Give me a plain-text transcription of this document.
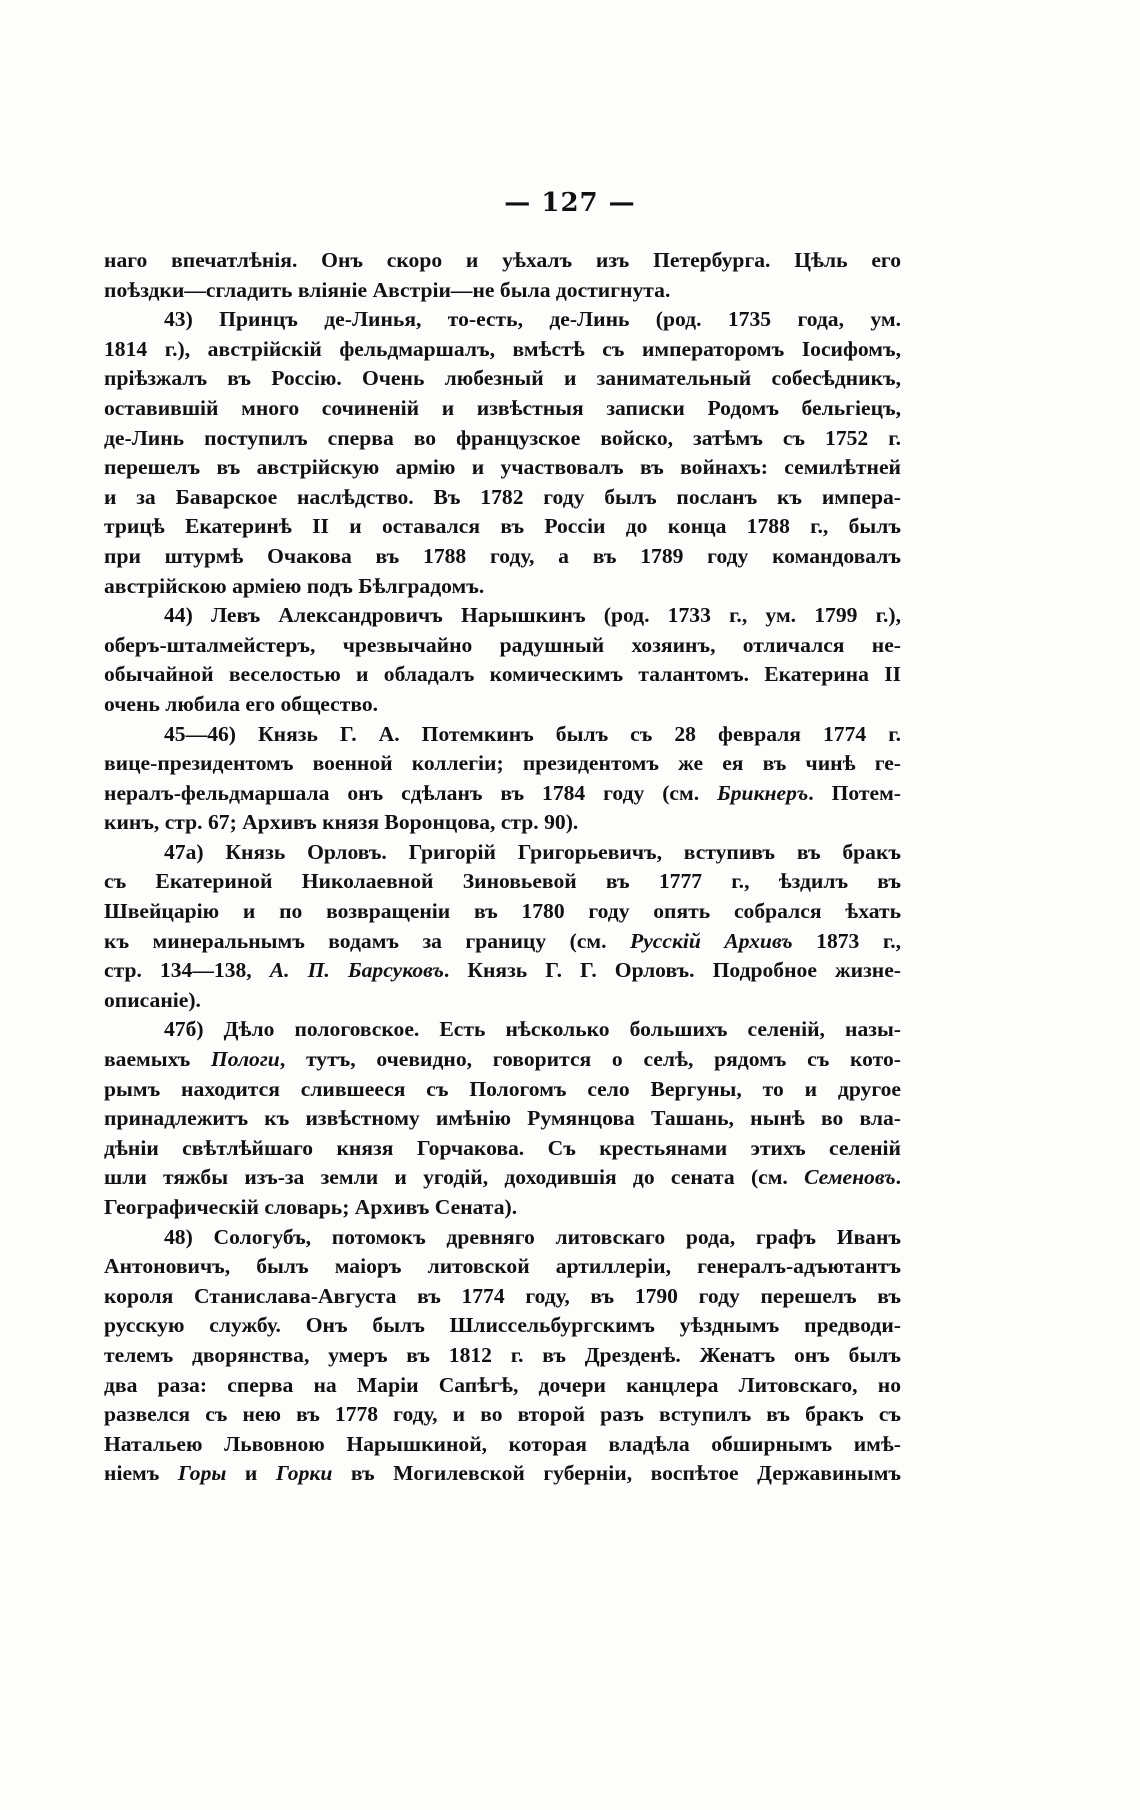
— 127 —
наго впечатлѣнія. Онъ скоро и уѣхалъ изъ Петербурга. Цѣль его
поѣздки—сгладить вліяніе Австріи—не была достигнута.
43) Принцъ де-Линья, то-есть, де-Линь (род. 1735 года, ум.
1814 г.), австрійскій фельдмаршалъ, вмѣстѣ съ императоромъ Іосифомъ,
пріѣзжалъ въ Россію. Очень любезный и занимательный собесѣдникъ,
оставившій много сочиненій и извѣстныя записки Родомъ бельгіецъ,
де-Линь поступилъ сперва во французское войско, затѣмъ съ 1752 г.
перешелъ въ австрійскую армію и участвовалъ въ войнахъ: семилѣтней
и за Баварское наслѣдство. Въ 1782 году былъ посланъ къ импера-
трицѣ Екатеринѣ II и оставался въ Россіи до конца 1788 г., былъ
при штурмѣ Очакова въ 1788 году, а въ 1789 году командовалъ
австрійскою арміею подъ Бѣлградомъ.
44) Левъ Александровичъ Нарышкинъ (род. 1733 г., ум. 1799 г.),
оберъ-шталмейстеръ, чрезвычайно радушный хозяинъ, отличался не-
обычайной веселостью и обладалъ комическимъ талантомъ. Екатерина II
очень любила его общество.
45—46) Князь Г. А. Потемкинъ былъ съ 28 февраля 1774 г.
вице-президентомъ военной коллегіи; президентомъ же ея въ чинѣ ге-
нералъ-фельдмаршала онъ сдѣланъ въ 1784 году (см. Брикнеръ. Потем-
кинъ, стр. 67; Архивъ князя Воронцова, стр. 90).
47а) Князь Орловъ. Григорій Григорьевичъ, вступивъ въ бракъ
съ Екатериной Николаевной Зиновьевой въ 1777 г., ѣздилъ въ
Швейцарію и по возвращеніи въ 1780 году опять собрался ѣхать
къ минеральнымъ водамъ за границу (см. Русскій Архивъ 1873 г.,
стр. 134—138, А. П. Барсуковъ. Князь Г. Г. Орловъ. Подробное жизне-
описаніе).
47б) Дѣло пологовское. Есть нѣсколько большихъ селеній, назы-
ваемыхъ Пологи, тутъ, очевидно, говорится о селѣ, рядомъ съ кото-
рымъ находится слившееся съ Пологомъ село Вергуны, то и другое
принадлежитъ къ извѣстному имѣнію Румянцова Ташань, нынѣ во вла-
дѣніи свѣтлѣйшаго князя Горчакова. Съ крестьянами этихъ селеній
шли тяжбы изъ-за земли и угодій, доходившія до сената (см. Семеновъ.
Географическій словарь; Архивъ Сената).
48) Сологубъ, потомокъ древняго литовскаго рода, графъ Иванъ
Антоновичъ, былъ маіоръ литовской артиллеріи, генералъ-адъютантъ
короля Станислава-Августа въ 1774 году, въ 1790 году перешелъ въ
русскую службу. Онъ былъ Шлиссельбургскимъ уѣзднымъ предводи-
телемъ дворянства, умеръ въ 1812 г. въ Дрезденѣ. Женатъ онъ былъ
два раза: сперва на Маріи Сапѣгѣ, дочери канцлера Литовскаго, но
развелся съ нею въ 1778 году, и во второй разъ вступилъ въ бракъ съ
Натальею Львовною Нарышкиной, которая владѣла обширнымъ имѣ-
ніемъ Горы и Горки въ Могилевской губерніи, воспѣтое Державинымъ
